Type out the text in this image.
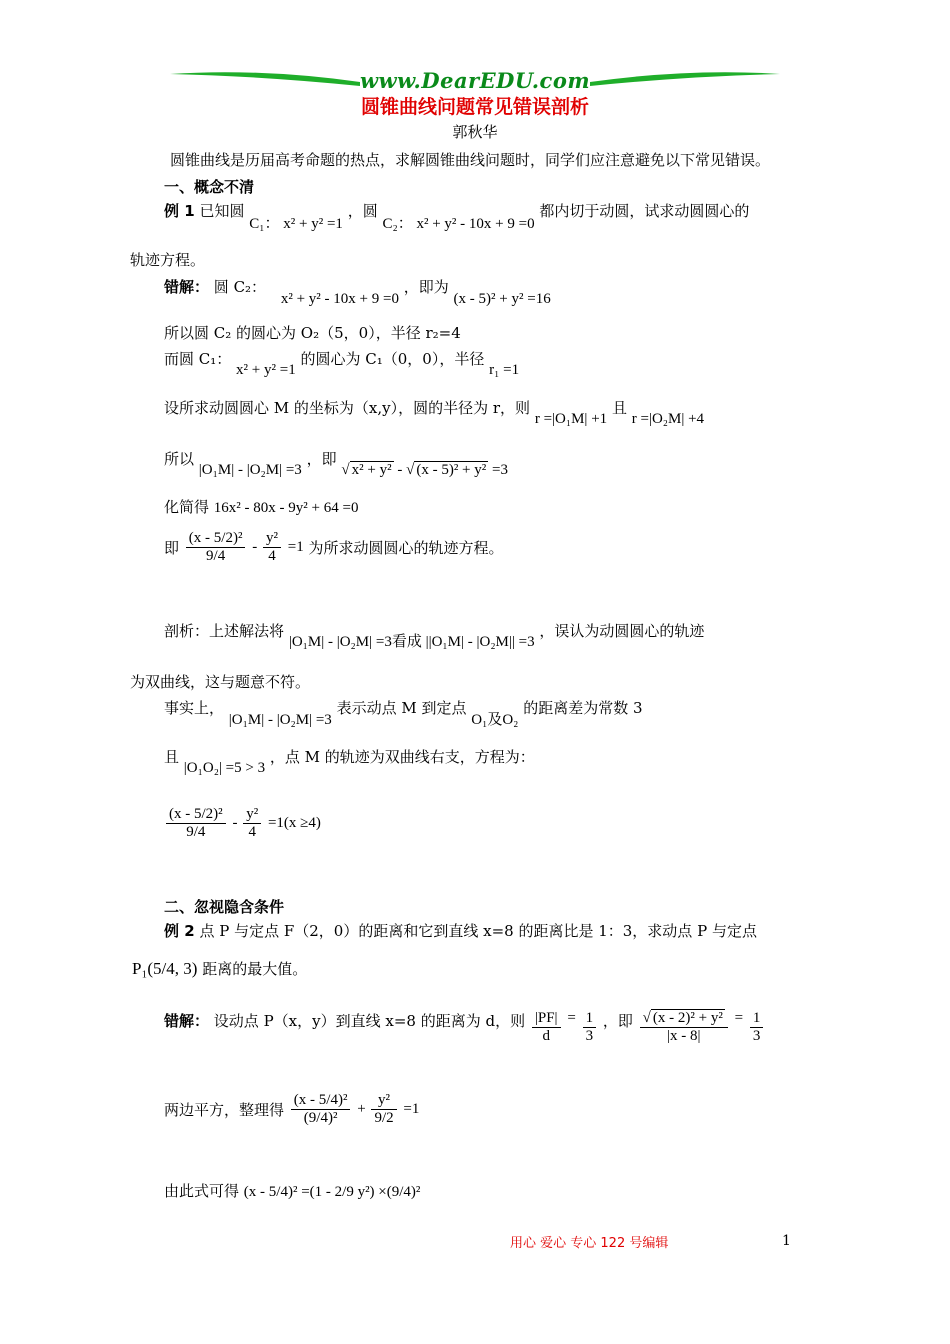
www.DearEDU.com
圆锥曲线问题常见错误剖析
郭秋华
圆锥曲线是历届高考命题的热点，求解圆锥曲线问题时，同学们应注意避免以下常见错误。
一、概念不清
例 1 已知圆 C₁： x² + y² =1 ，圆 C₂： x² + y² - 10x + 9 =0 都内切于动圆，试求动圆圆心的
轨迹方程。
错解： 圆 C₂： x² + y² - 10x + 9 =0 ，即为 (x - 5)² + y² =16
所以圆 C₂ 的圆心为 O₂（5，0），半径 r₂=4
而圆 C₁： x² + y² =1 的圆心为 C₁（0，0），半径 r₁ =1
设所求动圆圆心 M 的坐标为（x,y），圆的半径为 r，则 r =|O₁M| +1 且 r =|O₂M| +4
所以 |O₁M| - |O₂M| =3 ，即 √ x² + y² - √ (x - 5)² + y² =3
化简得 16x² - 80x - 9y² + 64 =0
即 $\frac{\text{(x - 5/2)²}}{9/4} - \frac{\text{y²}}{4} =1$ 为所求动圆圆心的轨迹方程。
剖析：上述解法将 |O₁M| - |O₂M| =3看成 ||O₁M| - |O₂M|| =3 ，误认为动圆圆心的轨迹
为双曲线，这与题意不符。
事实上， |O₁M| - |O₂M| =3 表示动点 M 到定点 O₁及O₂ 的距离差为常数 3
且 |O₁O₂| =5 > 3 ，点 M 的轨迹为双曲线右支，方程为：
$\frac{\text{(x - 5/2)²}}{9/4} - \frac{\text{y²}}{4} =1(x \ge 4)$
二、忽视隐含条件
例 2 点 P 与定点 F（2，0）的距离和它到直线 x=8 的距离比是 1：3，求动点 P 与定点
P₁(5/4, 3) 距离的最大值。
错解： 设动点 P（x，y）到直线 x=8 的距离为 d，则 $\frac{|PF|}{d} = \frac{1}{3}$ ，即 $\frac{\text{√ (x - 2)² + y²}}{|x - 8|} = \frac{1}{3}$
两边平方，整理得 $\frac{\text{(x - 5/4)²}}{\text{(9/4)²}} + \frac{\text{y²}}{9/2} =1$
由此式可得 (x - 5/4)² =(1 - 2/9 y²) ×(9/4)²
用心 爱心 专心 122 号编辑	1
